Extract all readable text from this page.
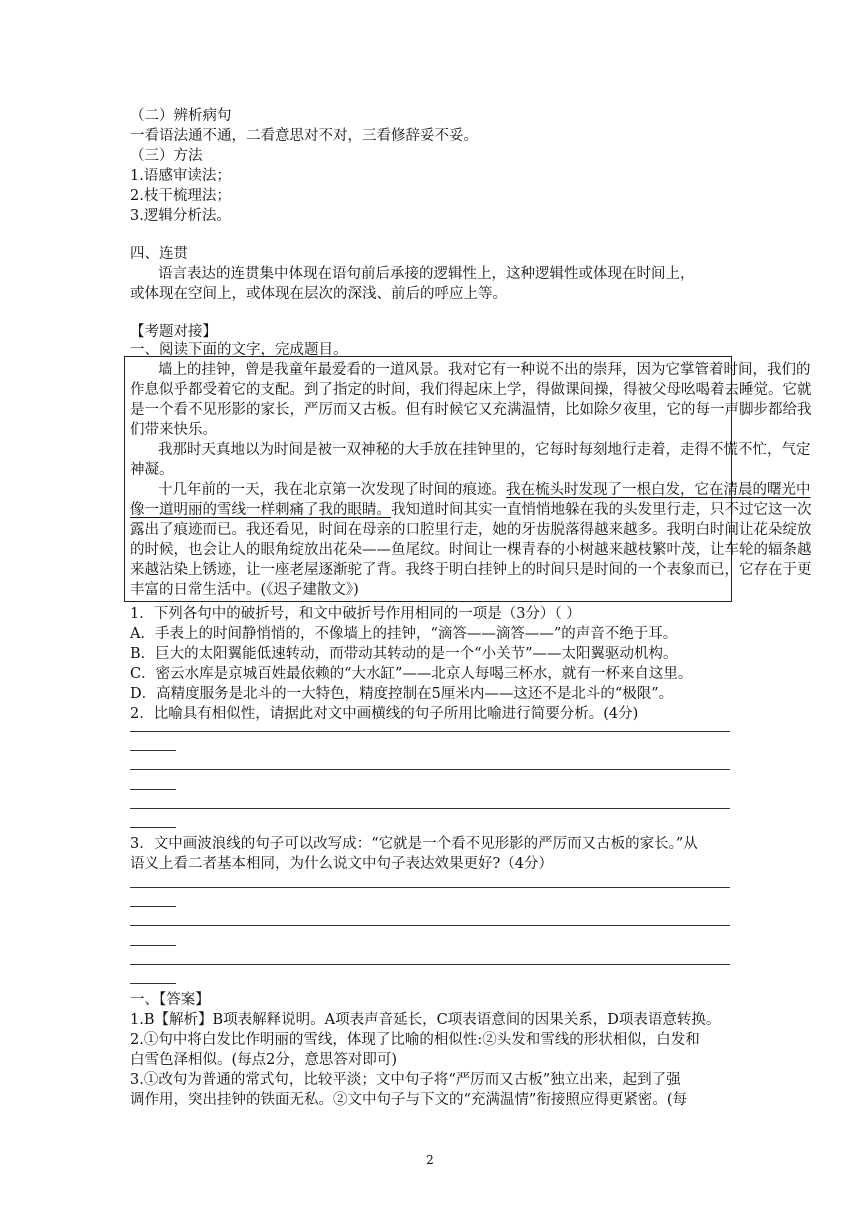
（二）辨析病句
一看语法通不通，二看意思对不对，三看修辞妥不妥。
（三）方法
1.语感审读法；
2.枝干梳理法；
3.逻辑分析法。
四、连贯
语言表达的连贯集中体现在语句前后承接的逻辑性上，这种逻辑性或体现在时间上，
或体现在空间上，或体现在层次的深浅、前后的呼应上等。
【考题对接】
一、阅读下面的文字，完成题目。
墙上的挂钟，曾是我童年最爱看的一道风景。我对它有一种说不出的崇拜，因为它掌管着时间，我们的
作息似乎都受着它的支配。到了指定的时间，我们得起床上学，得做课间操，得被父母吆喝着去睡觉。它就
是一个看不见形影的家长，严厉而又古板。但有时候它又充满温情，比如除夕夜里，它的每一声脚步都给我
们带来快乐。
我那时天真地以为时间是被一双神秘的大手放在挂钟里的，它每时每刻地行走着，走得不慌不忙，气定
神凝。
十几年前的一天，我在北京第一次发现了时间的痕迹。我在梳头时发现了一根白发，它在清晨的曙光中
像一道明丽的雪线一样刺痛了我的眼睛。我知道时间其实一直悄悄地躲在我的头发里行走，只不过它这一次
露出了痕迹而已。我还看见，时间在母亲的口腔里行走，她的牙齿脱落得越来越多。我明白时间让花朵绽放
的时候，也会让人的眼角绽放出花朵——鱼尾纹。时间让一棵青春的小树越来越枝繁叶茂，让车轮的辐条越
来越沾染上锈迹，让一座老屋逐渐驼了背。我终于明白挂钟上的时间只是时间的一个表象而已，它存在于更
丰富的日常生活中。(《迟子建散文》)
1．下列各句中的破折号，和文中破折号作用相同的一项是（3分）（ ）
A．手表上的时间静悄悄的，不像墙上的挂钟，“滴答——滴答——”的声音不绝于耳。
B．巨大的太阳翼能低速转动，而带动其转动的是一个“小关节”——太阳翼驱动机构。
C．密云水库是京城百姓最依赖的“大水缸”——北京人每喝三杯水，就有一杯来自这里。
D．高精度服务是北斗的一大特色，精度控制在5厘米内——这还不是北斗的“极限”。
2．比喻具有相似性，请据此对文中画横线的句子所用比喻进行简要分析。(4分)
3．文中画波浪线的句子可以改写成：“它就是一个看不见形影的严厉而又古板的家长。”从
语义上看二者基本相同，为什么说文中句子表达效果更好?（4分）
一、【答案】
1.B【解析】B项表解释说明。A项表声音延长，C项表语意间的因果关系，D项表语意转换。
2.①句中将白发比作明丽的雪线，体现了比喻的相似性:②头发和雪线的形状相似，白发和
白雪色泽相似。(每点2分，意思答对即可)
3.①改句为普通的常式句，比较平淡；文中句子将“严厉而又古板”独立出来，起到了强
调作用，突出挂钟的铁面无私。②文中句子与下文的“充满温情”衔接照应得更紧密。(每
2
